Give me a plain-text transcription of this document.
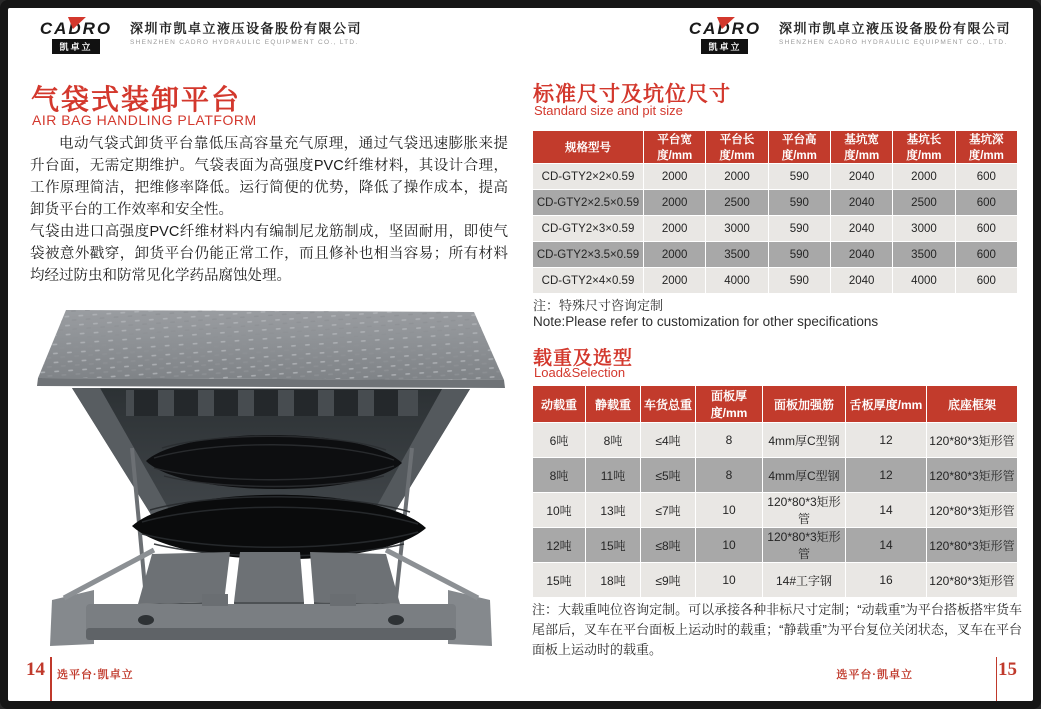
CADRO
凯卓立
深圳市凯卓立液压设备股份有限公司
SHENZHEN CADRO HYDRAULIC EQUIPMENT CO., LTD.
CADRO
凯卓立
深圳市凯卓立液压设备股份有限公司
SHENZHEN CADRO HYDRAULIC EQUIPMENT CO., LTD.
气袋式装卸平台
AIR BAG HANDLING PLATFORM
电动气袋式卸货平台靠低压高容量充气原理，通过气袋迅速膨胀来提升台面，无需定期维护。气袋表面为高强度PVC纤维材料，其设计合理，工作原理简洁，把维修率降低。运行简便的优势，降低了操作成本，提高卸货平台的工作效率和安全性。
气袋由进口高强度PVC纤维材料内有编制尼龙筋制成，坚固耐用，即使气袋被意外戳穿，卸货平台仍能正常工作，而且修补也相当容易；所有材料均经过防虫和防常见化学药品腐蚀处理。
标准尺寸及坑位尺寸
Standard size and pit size
规格型号	平台宽度/mm	平台长度/mm	平台高度/mm	基坑宽度/mm	基坑长度/mm	基坑深度/mm
CD-GTY2×2×0.59	2000	2000	590	2040	2000	600
CD-GTY2×2.5×0.59	2000	2500	590	2040	2500	600
CD-GTY2×3×0.59	2000	3000	590	2040	3000	600
CD-GTY2×3.5×0.59	2000	3500	590	2040	3500	600
CD-GTY2×4×0.59	2000	4000	590	2040	4000	600
注：特殊尺寸咨询定制
Note:Please refer to customization for other specifications
载重及选型
Load&Selection
动载重	静载重	车货总重	面板厚度/mm	面板加强筋	舌板厚度/mm	底座框架
6吨	8吨	≤4吨	8	4mm厚C型钢	12	120*80*3矩形管
8吨	11吨	≤5吨	8	4mm厚C型钢	12	120*80*3矩形管
10吨	13吨	≤7吨	10	120*80*3矩形管	14	120*80*3矩形管
12吨	15吨	≤8吨	10	120*80*3矩形管	14	120*80*3矩形管
15吨	18吨	≤9吨	10	14#工字钢	16	120*80*3矩形管
注：大载重吨位咨询定制。可以承接各种非标尺寸定制；“动载重”为平台搭板搭牢货车尾部后，叉车在平台面板上运动时的载重；“静载重”为平台复位关闭状态，叉车在平台面板上运动时的载重。
14 选平台·凯卓立	选平台·凯卓立	15
